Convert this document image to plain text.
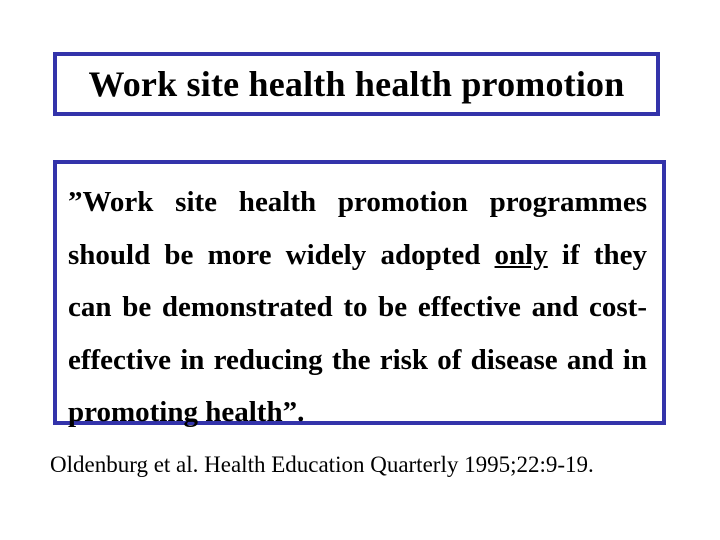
Work site health health promotion

”Work site health promotion programmes should be more widely adopted only if they can be demonstrated to be effective and cost-effective in reducing the risk of disease and in promoting health”.

Oldenburg et al. Health Education Quarterly 1995;22:9-19.
